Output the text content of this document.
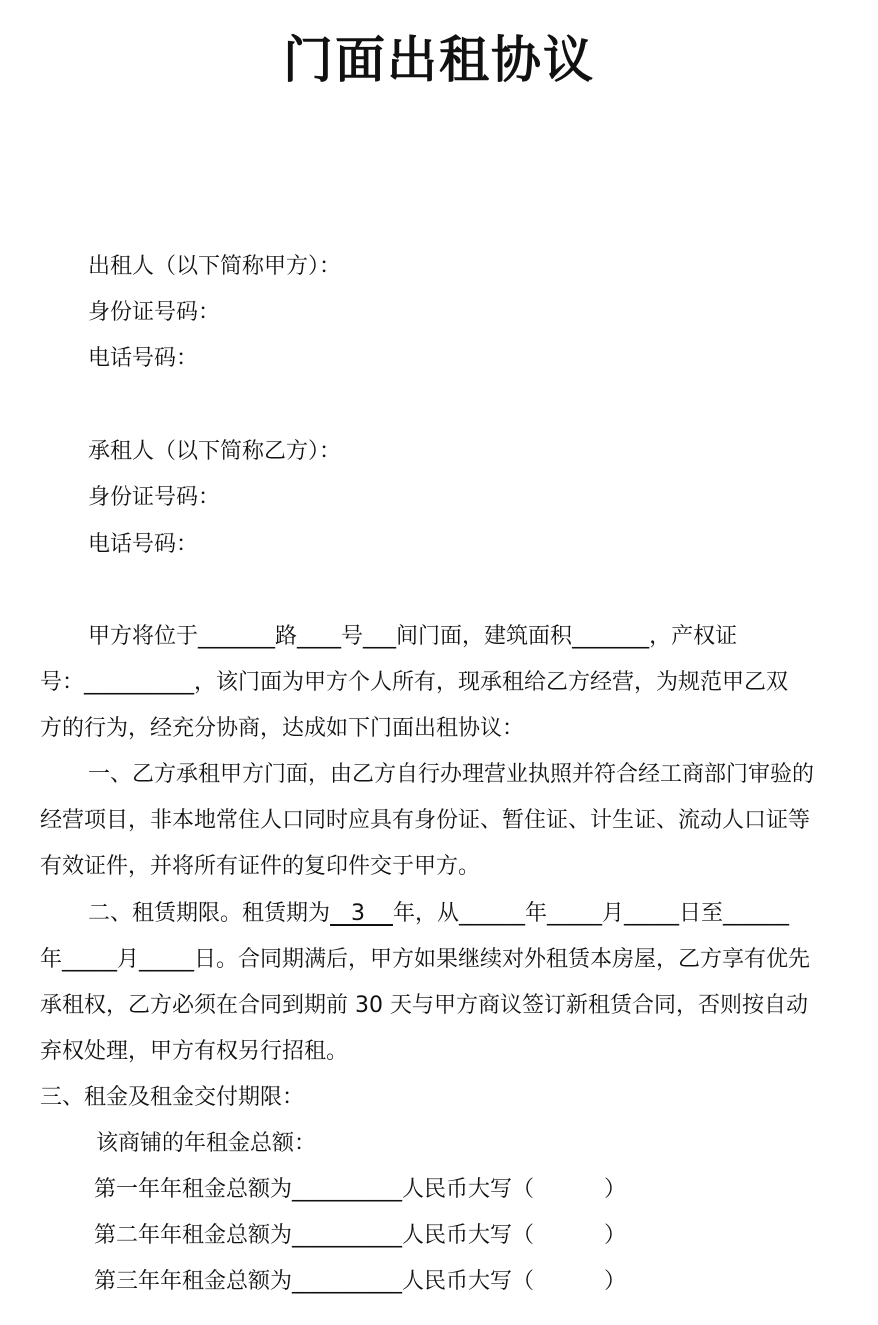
门面出租协议
出租人（以下简称甲方）：
身份证号码：
电话号码：
承租人（以下简称乙方）：
身份证号码：
电话号码：
甲方将位于_______路____号___间门面，建筑面积_______，产权证
号：__________，该门面为甲方个人所有，现承租给乙方经营，为规范甲乙双
方的行为，经充分协商，达成如下门面出租协议：
一、乙方承租甲方门面，由乙方自行办理营业执照并符合经工商部门审验的
经营项目，非本地常住人口同时应具有身份证、暂住证、计生证、流动人口证等
有效证件，并将所有证件的复印件交于甲方。
二、租赁期限。租赁期为   3    年，从______年_____月_____日至______
年_____月_____日。合同期满后，甲方如果继续对外租赁本房屋，乙方享有优先
承租权，乙方必须在合同到期前 30 天与甲方商议签订新租赁合同，否则按自动
弃权处理，甲方有权另行招租。
三、租金及租金交付期限：
该商铺的年租金总额：
第一年年租金总额为__________人民币大写（          ）
第二年年租金总额为__________人民币大写（          ）
第三年年租金总额为__________人民币大写（          ）
